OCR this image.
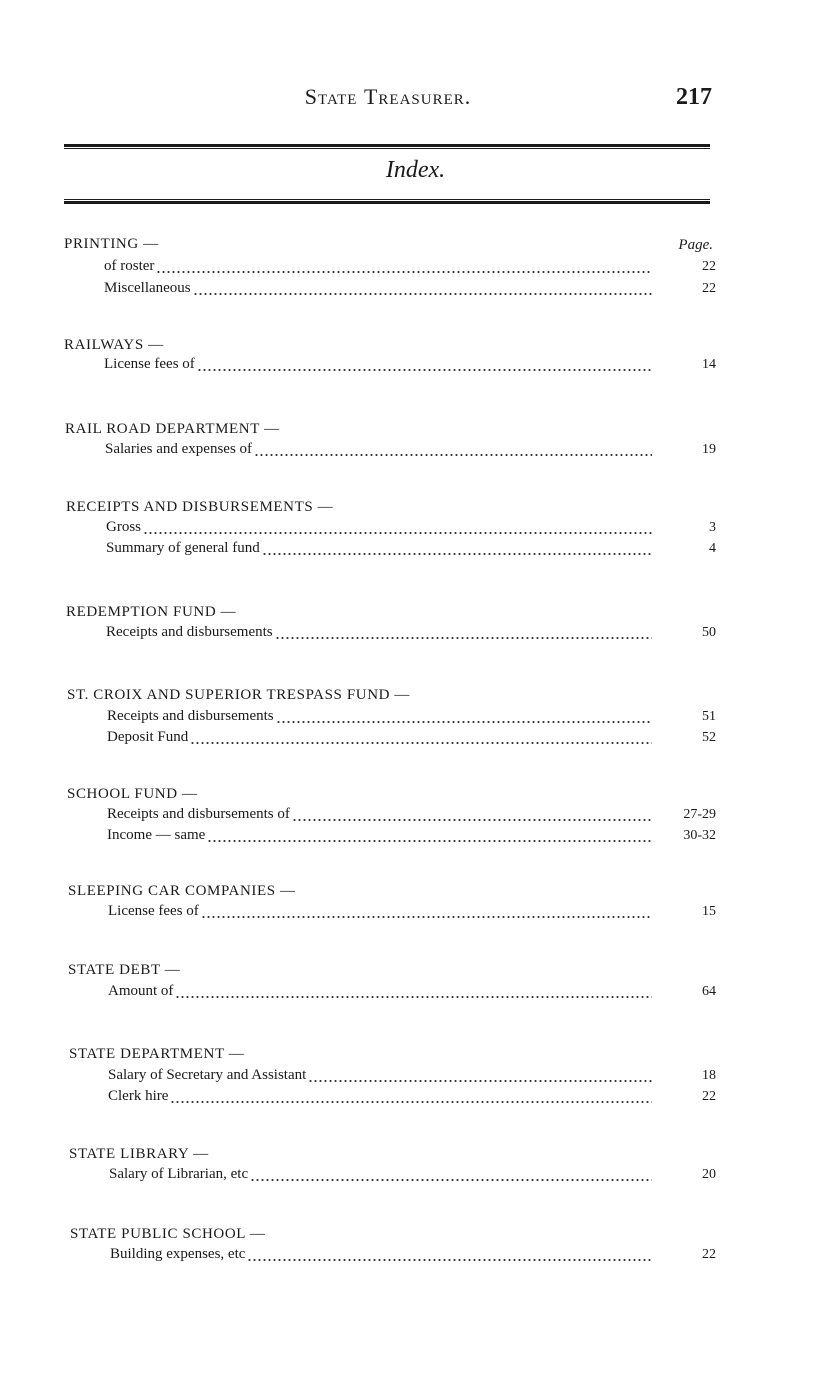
State Treasurer.	217
Index.
Page.
PRINTING —
of roster	22
Miscellaneous	22
RAILWAYS —
License fees of	14
RAIL ROAD DEPARTMENT —
Salaries and expenses of	19
RECEIPTS AND DISBURSEMENTS —
Gross	3
Summary of general fund	4
REDEMPTION FUND —
Receipts and disbursements	50
ST. CROIX AND SUPERIOR TRESPASS FUND —
Receipts and disbursements	51
Deposit Fund	52
SCHOOL FUND —
Receipts and disbursements of	27-29
Income — same	30-32
SLEEPING CAR COMPANIES —
License fees of	15
STATE DEBT —
Amount of	64
STATE DEPARTMENT —
Salary of Secretary and Assistant	18
Clerk hire	22
STATE LIBRARY —
Salary of Librarian, etc	20
STATE PUBLIC SCHOOL —
Building expenses, etc	22
